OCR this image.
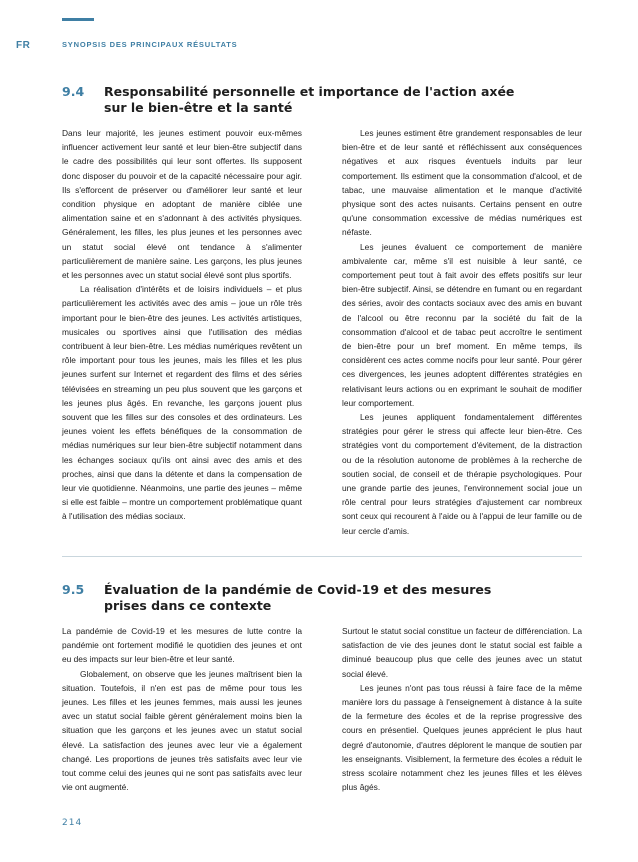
FR	SYNOPSIS DES PRINCIPAUX RÉSULTATS
9.4	Responsabilité personnelle et importance de l'action axée sur le bien-être et la santé

Dans leur majorité, les jeunes estiment pouvoir eux-mêmes influencer activement leur santé et leur bien-être subjectif dans le cadre des possibilités qui leur sont offertes. Ils supposent donc disposer du pouvoir et de la capacité nécessaire pour agir. Ils s'efforcent de préserver ou d'améliorer leur santé et leur condition physique en adoptant de manière ciblée une alimentation saine et en s'adonnant à des activités physiques. Généralement, les filles, les plus jeunes et les personnes avec un statut social élevé ont tendance à s'alimenter particulièrement de manière saine. Les garçons, les plus jeunes et les personnes avec un statut social élevé sont plus sportifs.

La réalisation d'intérêts et de loisirs individuels – et plus particulièrement les activités avec des amis – joue un rôle très important pour le bien-être des jeunes. Les activités artistiques, musicales ou sportives ainsi que l'utilisation des médias contribuent à leur bien-être. Les médias numériques revêtent un rôle important pour tous les jeunes, mais les filles et les plus jeunes surfent sur Internet et regardent des films et des séries télévisées en streaming un peu plus souvent que les garçons et les jeunes plus âgés. En revanche, les garçons jouent plus souvent que les filles sur des consoles et des ordinateurs. Les jeunes voient les effets bénéfiques de la consommation de médias numériques sur leur bien-être subjectif notamment dans les échanges sociaux qu'ils ont ainsi avec des amis et des proches, ainsi que dans la détente et dans la compensation de leur vie quotidienne. Néanmoins, une partie des jeunes – même si elle est faible – montre un comportement problématique quant à l'utilisation des médias sociaux.

Les jeunes estiment être grandement responsables de leur bien-être et de leur santé et réfléchissent aux conséquences négatives et aux risques éventuels induits par leur comportement. Ils estiment que la consommation d'alcool, et de tabac, une mauvaise alimentation et le manque d'activité physique sont des actes nuisants. Certains pensent en outre qu'une consommation excessive de médias numériques est néfaste.

Les jeunes évaluent ce comportement de manière ambivalente car, même s'il est nuisible à leur santé, ce comportement peut tout à fait avoir des effets positifs sur leur bien-être subjectif. Ainsi, se détendre en fumant ou en regardant des séries, avoir des contacts sociaux avec des amis en buvant de l'alcool ou être reconnu par la société du fait de la consommation d'alcool et de tabac peut accroître le sentiment de bien-être pour un bref moment. En même temps, ils considèrent ces actes comme nocifs pour leur santé. Pour gérer ces divergences, les jeunes adoptent différentes stratégies en relativisant leurs actions ou en exprimant le souhait de modifier leur comportement.

Les jeunes appliquent fondamentalement différentes stratégies pour gérer le stress qui affecte leur bien-être. Ces stratégies vont du comportement d'évitement, de la distraction ou de la résolution autonome de problèmes à la recherche de soutien social, de conseil et de thérapie psychologiques. Pour une grande partie des jeunes, l'environnement social joue un rôle central pour leurs stratégies d'ajustement car nombreux sont ceux qui recourent à l'aide ou à l'appui de leur famille ou de leur cercle d'amis.

9.5	Évaluation de la pandémie de Covid-19 et des mesures prises dans ce contexte

La pandémie de Covid-19 et les mesures de lutte contre la pandémie ont fortement modifié le quotidien des jeunes et ont eu des impacts sur leur bien-être et leur santé.

Globalement, on observe que les jeunes maîtrisent bien la situation. Toutefois, il n'en est pas de même pour tous les jeunes. Les filles et les jeunes femmes, mais aussi les jeunes avec un statut social faible gèrent généralement moins bien la situation que les garçons et les jeunes avec un statut social élevé. La satisfaction des jeunes avec leur vie a également changé. Les proportions de jeunes très satisfaits avec leur vie tout comme celui des jeunes qui ne sont pas satisfaits avec leur vie ont augmenté.

Surtout le statut social constitue un facteur de différenciation. La satisfaction de vie des jeunes dont le statut social est faible a diminué beaucoup plus que celle des jeunes avec un statut social élevé.

Les jeunes n'ont pas tous réussi à faire face de la même manière lors du passage à l'enseignement à distance à la suite de la fermeture des écoles et de la reprise progressive des cours en présentiel. Quelques jeunes apprécient le plus haut degré d'autonomie, d'autres déplorent le manque de soutien par les enseignants. Visiblement, la fermeture des écoles a réduit le stress scolaire notamment chez les jeunes filles et les élèves plus âgés.

214
